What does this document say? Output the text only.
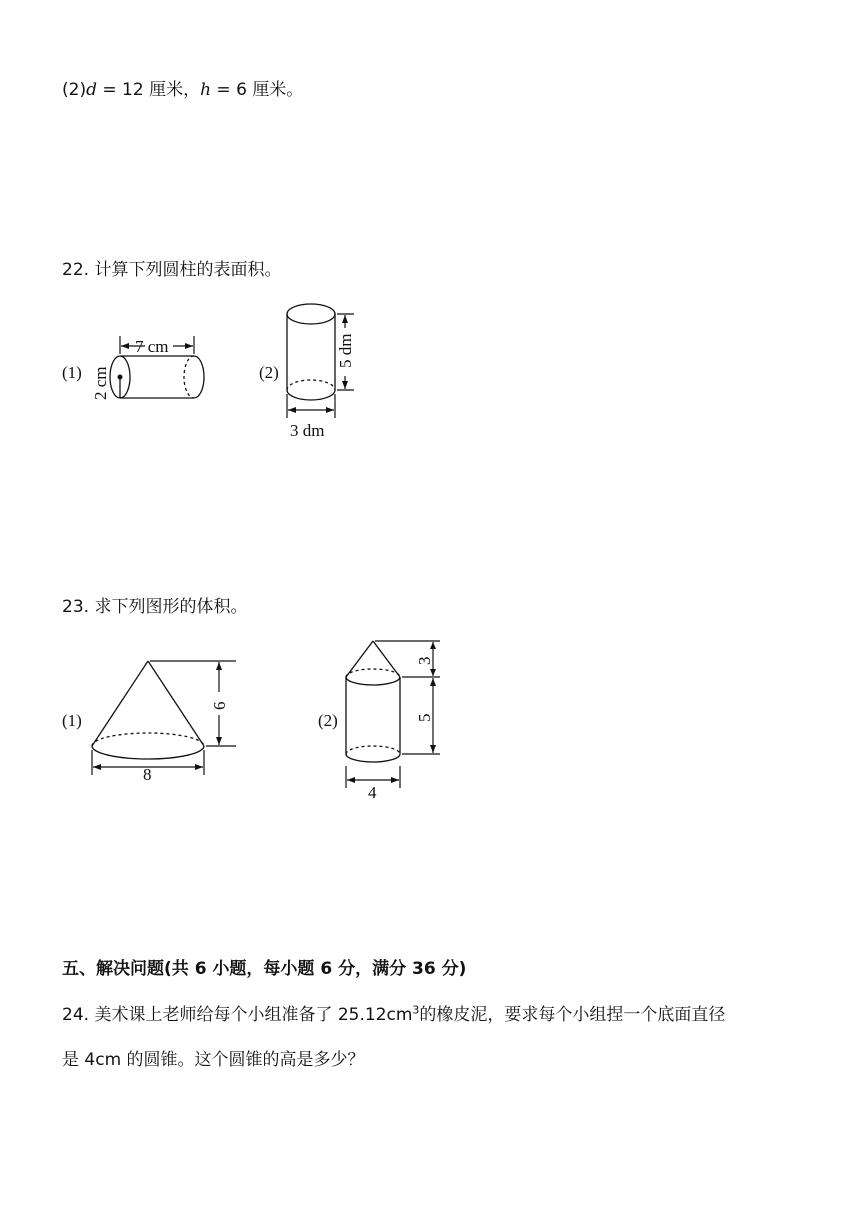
(2)d = 12 厘米，h = 6 厘米。
22. 计算下列圆柱的表面积。
(1)
7 cm
2 cm	(2)
5 dm
3 dm
23. 求下列图形的体积。
(1)
6
8
(2)
3
5
4
五、解决问题(共 6 小题，每小题 6 分，满分 36 分)
24. 美术课上老师给每个小组准备了 $25.12cm^3$的橡皮泥，要求每个小组捏一个底面直径
是 4cm 的圆锥。这个圆锥的高是多少？
